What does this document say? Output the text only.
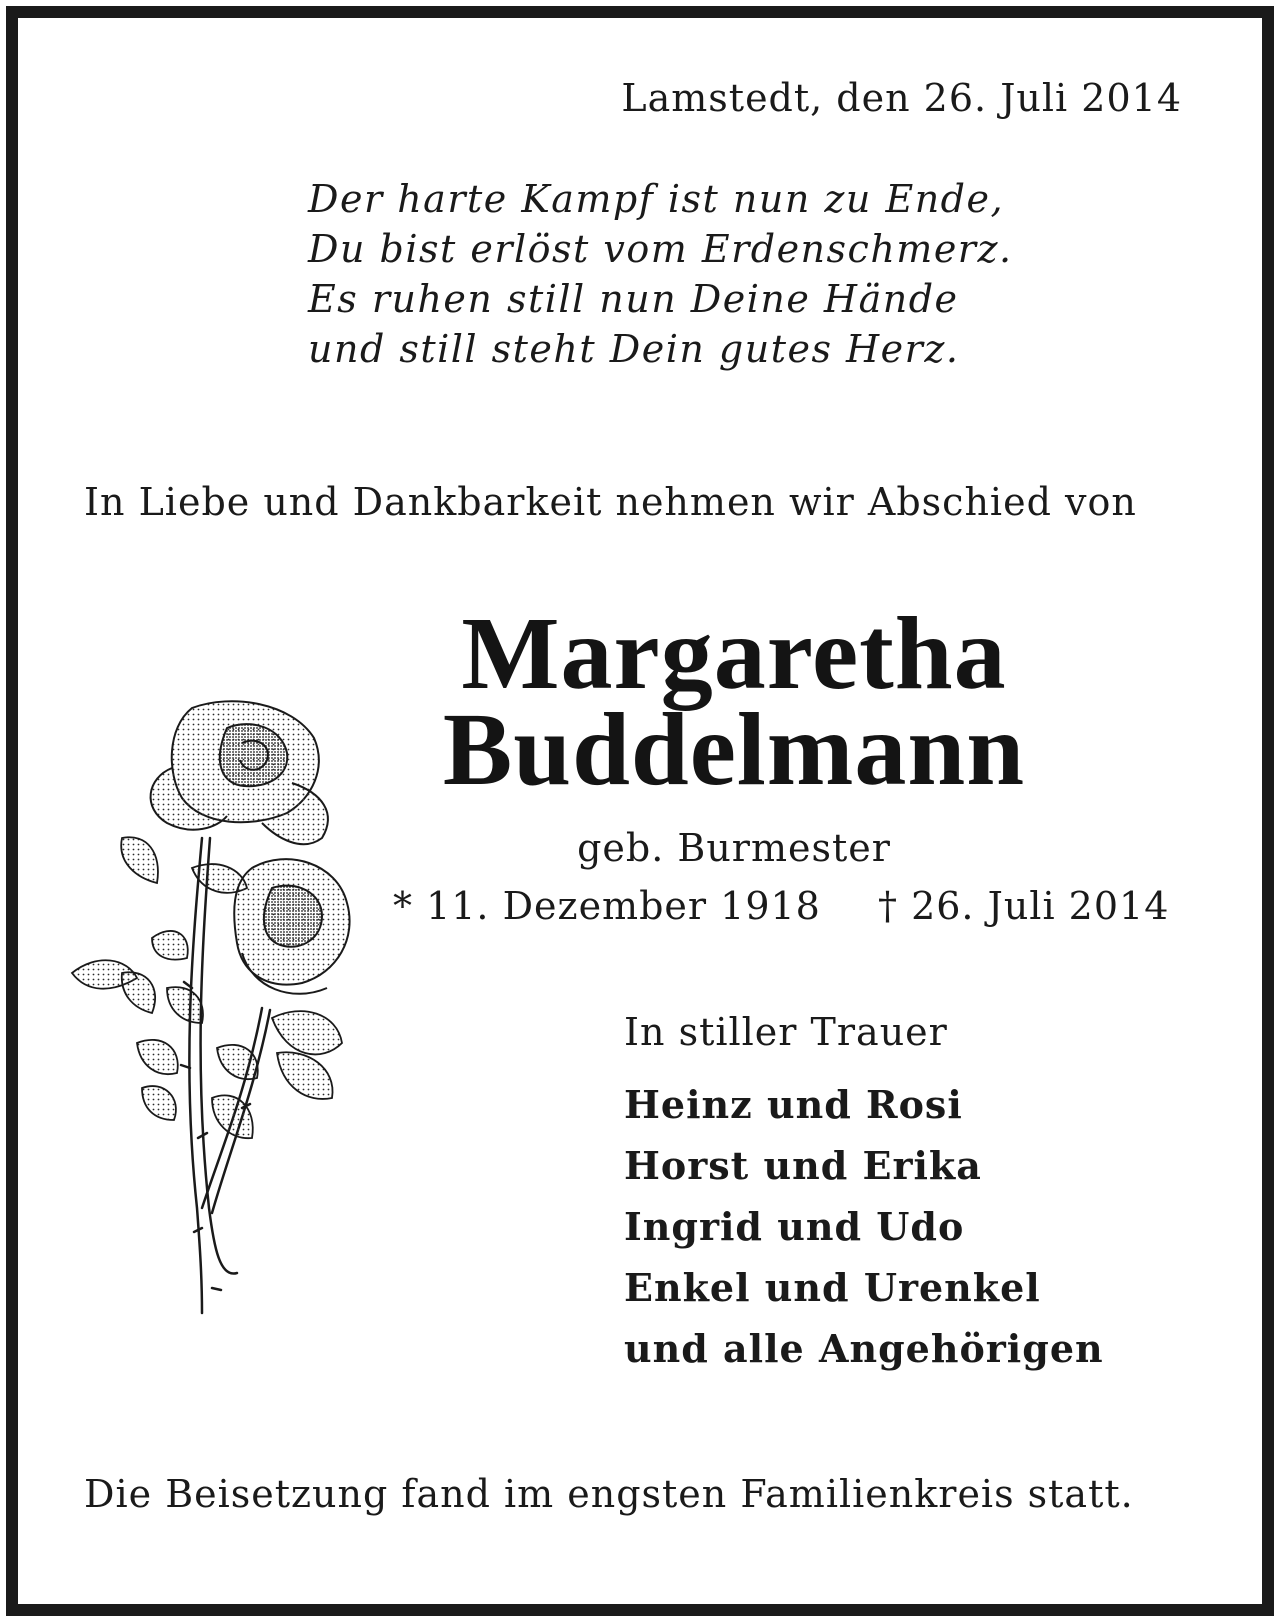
Lamstedt, den 26. Juli 2014
Der harte Kampf ist nun zu Ende,
Du bist erlöst vom Erdenschmerz.
Es ruhen still nun Deine Hände
und still steht Dein gutes Herz.
In Liebe und Dankbarkeit nehmen wir Abschied von
Margaretha
Buddelmann
geb. Burmester
* 11. Dezember 1918 † 26. Juli 2014
In stiller Trauer
Heinz und Rosi
Horst und Erika
Ingrid und Udo
Enkel und Urenkel
und alle Angehörigen
Die Beisetzung fand im engsten Familienkreis statt.
